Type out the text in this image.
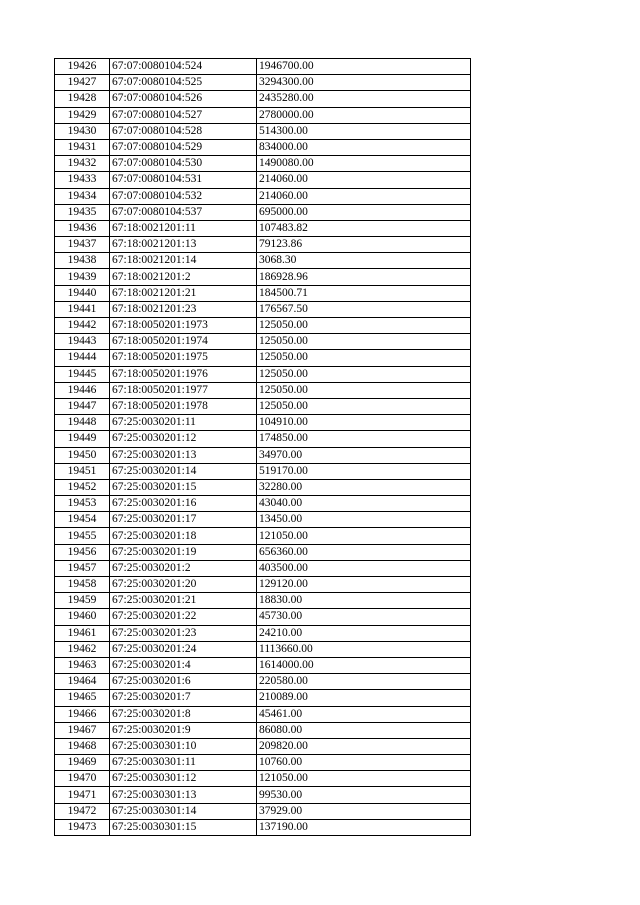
19426	67:07:0080104:524	1946700.00
19427	67:07:0080104:525	3294300.00
19428	67:07:0080104:526	2435280.00
19429	67:07:0080104:527	2780000.00
19430	67:07:0080104:528	514300.00
19431	67:07:0080104:529	834000.00
19432	67:07:0080104:530	1490080.00
19433	67:07:0080104:531	214060.00
19434	67:07:0080104:532	214060.00
19435	67:07:0080104:537	695000.00
19436	67:18:0021201:11	107483.82
19437	67:18:0021201:13	79123.86
19438	67:18:0021201:14	3068.30
19439	67:18:0021201:2	186928.96
19440	67:18:0021201:21	184500.71
19441	67:18:0021201:23	176567.50
19442	67:18:0050201:1973	125050.00
19443	67:18:0050201:1974	125050.00
19444	67:18:0050201:1975	125050.00
19445	67:18:0050201:1976	125050.00
19446	67:18:0050201:1977	125050.00
19447	67:18:0050201:1978	125050.00
19448	67:25:0030201:11	104910.00
19449	67:25:0030201:12	174850.00
19450	67:25:0030201:13	34970.00
19451	67:25:0030201:14	519170.00
19452	67:25:0030201:15	32280.00
19453	67:25:0030201:16	43040.00
19454	67:25:0030201:17	13450.00
19455	67:25:0030201:18	121050.00
19456	67:25:0030201:19	656360.00
19457	67:25:0030201:2	403500.00
19458	67:25:0030201:20	129120.00
19459	67:25:0030201:21	18830.00
19460	67:25:0030201:22	45730.00
19461	67:25:0030201:23	24210.00
19462	67:25:0030201:24	1113660.00
19463	67:25:0030201:4	1614000.00
19464	67:25:0030201:6	220580.00
19465	67:25:0030201:7	210089.00
19466	67:25:0030201:8	45461.00
19467	67:25:0030201:9	86080.00
19468	67:25:0030301:10	209820.00
19469	67:25:0030301:11	10760.00
19470	67:25:0030301:12	121050.00
19471	67:25:0030301:13	99530.00
19472	67:25:0030301:14	37929.00
19473	67:25:0030301:15	137190.00
